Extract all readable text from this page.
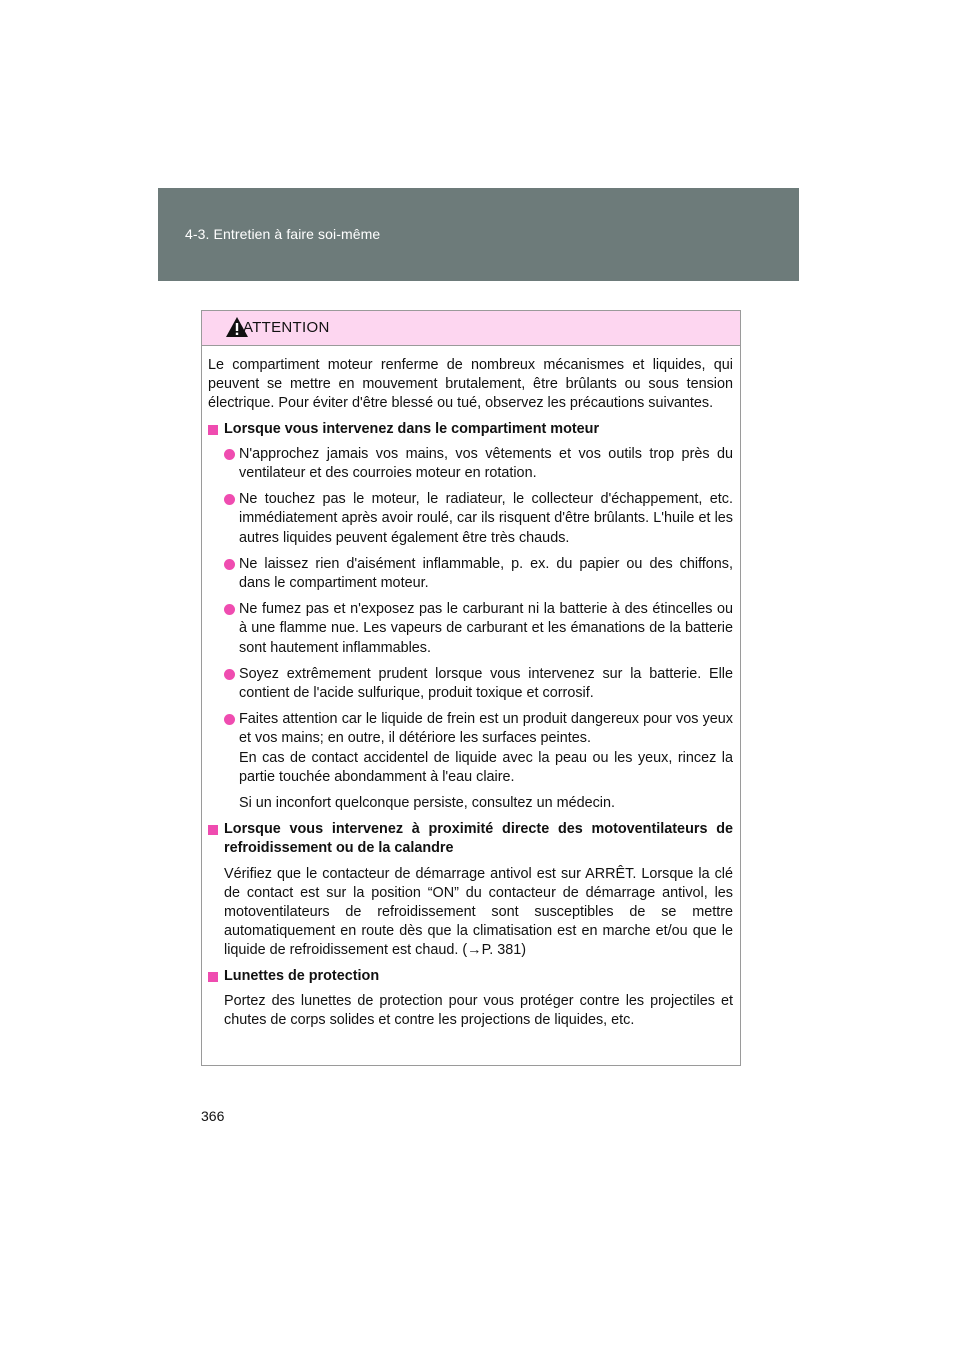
4-3. Entretien à faire soi-même
ATTENTION

Le compartiment moteur renferme de nombreux mécanismes et liquides, qui peuvent se mettre en mouvement brutalement, être brûlants ou sous tension électrique. Pour éviter d'être blessé ou tué, observez les précautions suivantes.

Lorsque vous intervenez dans le compartiment moteur

N'approchez jamais vos mains, vos vêtements et vos outils trop près du ventilateur et des courroies moteur en rotation.

Ne touchez pas le moteur, le radiateur, le collecteur d'échappement, etc. immédiatement après avoir roulé, car ils risquent d'être brûlants. L'huile et les autres liquides peuvent également être très chauds.

Ne laissez rien d'aisément inflammable, p. ex. du papier ou des chiffons, dans le compartiment moteur.

Ne fumez pas et n'exposez pas le carburant ni la batterie à des étincelles ou à une flamme nue. Les vapeurs de carburant et les émanations de la batterie sont hautement inflammables.

Soyez extrêmement prudent lorsque vous intervenez sur la batterie. Elle contient de l'acide sulfurique, produit toxique et corrosif.

Faites attention car le liquide de frein est un produit dangereux pour vos yeux et vos mains; en outre, il détériore les surfaces peintes.

En cas de contact accidentel de liquide avec la peau ou les yeux, rincez la partie touchée abondamment à l'eau claire.

Si un inconfort quelconque persiste, consultez un médecin.

Lorsque vous intervenez à proximité directe des motoventilateurs de refroidissement ou de la calandre

Vérifiez que le contacteur de démarrage antivol est sur ARRÊT. Lorsque la clé de contact est sur la position “ON” du contacteur de démarrage antivol, les motoventilateurs de refroidissement sont susceptibles de se mettre automatiquement en route dès que la climatisation est en marche et/ou que le liquide de refroidissement est chaud. (→P. 381)

Lunettes de protection

Portez des lunettes de protection pour vous protéger contre les projectiles et chutes de corps solides et contre les projections de liquides, etc.

366
